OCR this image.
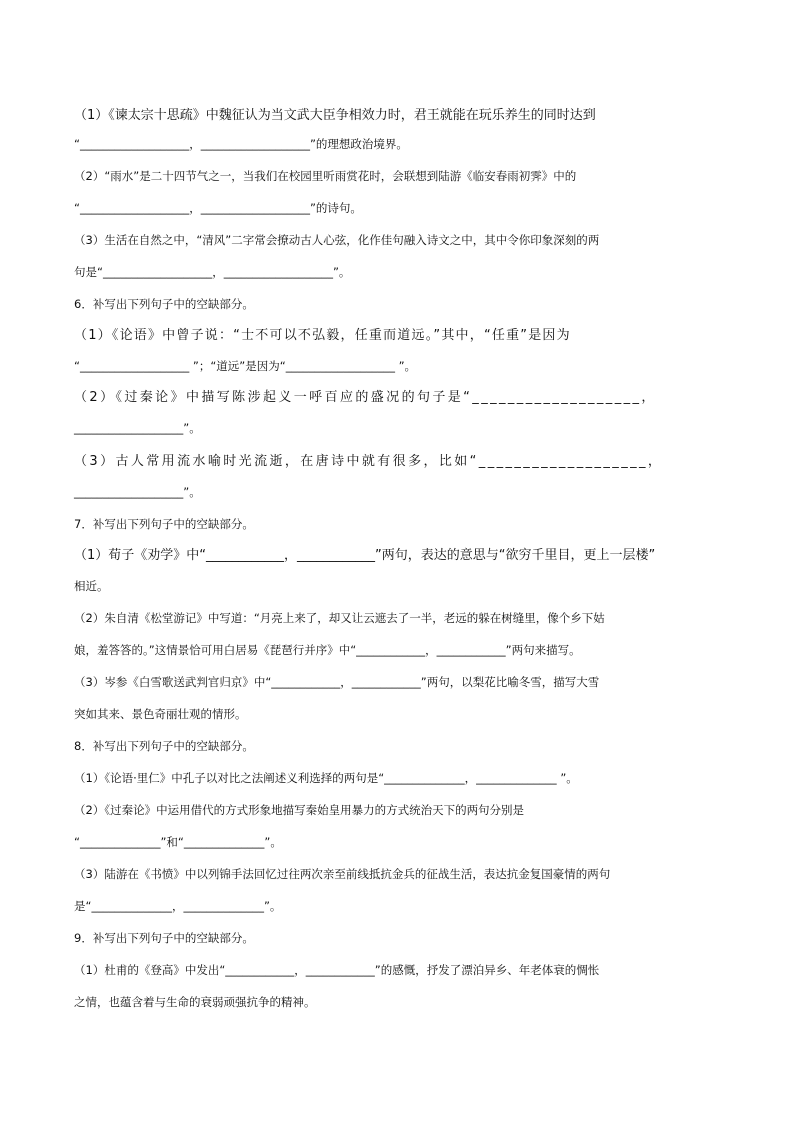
（1）《谏太宗十思疏》中魏征认为当文武大臣争相效力时，君王就能在玩乐养生的同时达到
“___________________，___________________”的理想政治境界。
（2）“雨水”是二十四节气之一，当我们在校园里听雨赏花时，会联想到陆游《临安春雨初霁》中的
“___________________，___________________”的诗句。
（3）生活在自然之中，“清风”二字常会撩动古人心弦，化作佳句融入诗文之中，其中令你印象深刻的两
句是“___________________，___________________”。
6．补写出下列句子中的空缺部分。
（1）《论语》中曾子说：“士不可以不弘毅，任重而道远。”其中，“任重”是因为
“___________________ ”；“道远”是因为“___________________ ”。
（2）《过秦论》中描写陈涉起义一呼百应的盛况的句子是“___________________，
___________________”。
（3）古人常用流水喻时光流逝，在唐诗中就有很多，比如“___________________，
___________________”。
7．补写出下列句子中的空缺部分。
（1）荀子《劝学》中“____________，____________”两句，表达的意思与“欲穷千里目，更上一层楼”
相近。
（2）朱自清《松堂游记》中写道：“月亮上来了，却又让云遮去了一半，老远的躲在树缝里，像个乡下姑
娘，羞答答的。”这情景恰可用白居易《琵琶行并序》中“____________，____________”两句来描写。
（3）岑参《白雪歌送武判官归京》中“____________，____________”两句，以梨花比喻冬雪，描写大雪
突如其来、景色奇丽壮观的情形。
8．补写出下列句子中的空缺部分。
（1）《论语·里仁》中孔子以对比之法阐述义利选择的两句是“______________，______________ ”。
（2）《过秦论》中运用借代的方式形象地描写秦始皇用暴力的方式统治天下的两句分别是
“______________”和“______________”。
（3）陆游在《书愤》中以列锦手法回忆过往两次亲至前线抵抗金兵的征战生活，表达抗金复国豪情的两句
是“______________，______________”。
9．补写出下列句子中的空缺部分。
（1）杜甫的《登高》中发出“____________，____________”的感慨，抒发了漂泊异乡、年老体衰的惆怅
之情，也蕴含着与生命的衰弱顽强抗争的精神。
